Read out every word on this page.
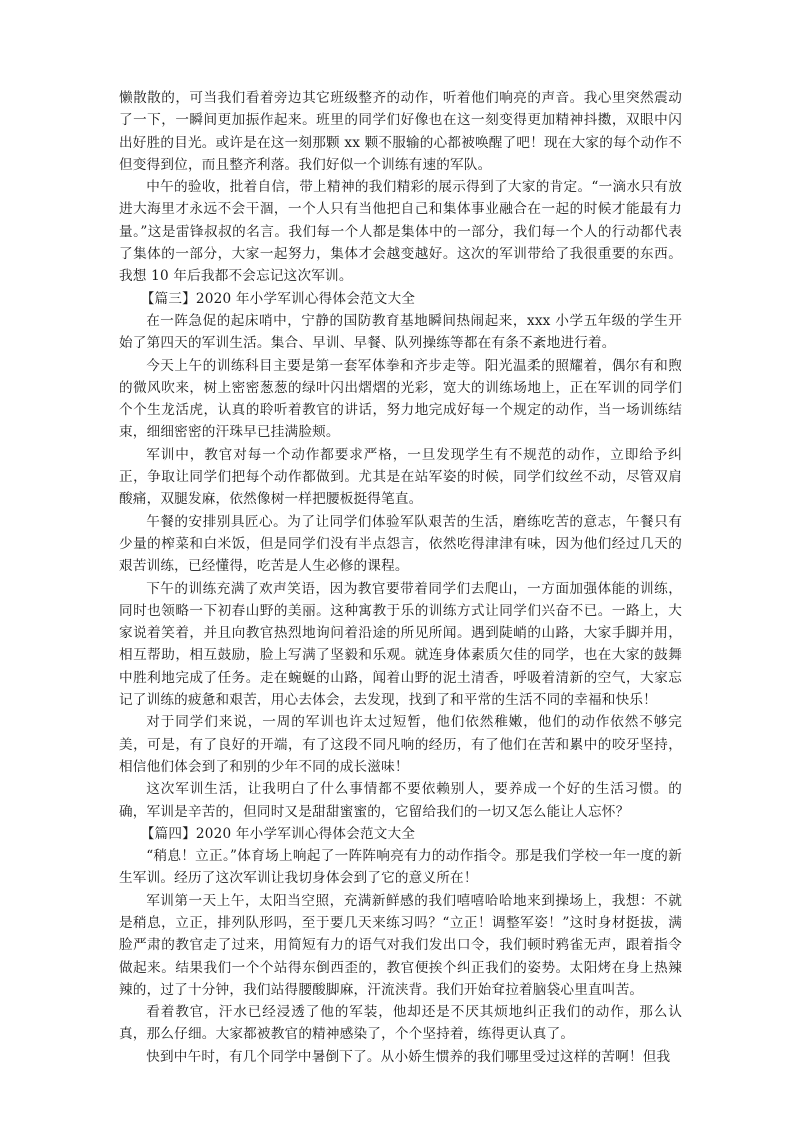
懒散散的，可当我们看着旁边其它班级整齐的动作，听着他们响亮的声音。我心里突然震动了一下，一瞬间更加振作起来。班里的同学们好像也在这一刻变得更加精神抖擞，双眼中闪出好胜的目光。或许是在这一刻那颗 xx 颗不服输的心都被唤醒了吧！现在大家的每个动作不但变得到位，而且整齐利落。我们好似一个训练有速的军队。

中午的验收，批着自信，带上精神的我们精彩的展示得到了大家的肯定。“一滴水只有放进大海里才永远不会干涸，一个人只有当他把自己和集体事业融合在一起的时候才能最有力量。”这是雷锋叔叔的名言。我们每一个人都是集体中的一部分，我们每一个人的行动都代表了集体的一部分，大家一起努力，集体才会越变越好。这次的军训带给了我很重要的东西。我想 10 年后我都不会忘记这次军训。

【篇三】2020 年小学军训心得体会范文大全

在一阵急促的起床哨中，宁静的国防教育基地瞬间热闹起来，xxx 小学五年级的学生开始了第四天的军训生活。集合、早训、早餐、队列操练等都在有条不紊地进行着。

今天上午的训练科目主要是第一套军体拳和齐步走等。阳光温柔的照耀着，偶尔有和煦的微风吹来，树上密密葱葱的绿叶闪出熠熠的光彩，宽大的训练场地上，正在军训的同学们个个生龙活虎，认真的聆听着教官的讲话，努力地完成好每一个规定的动作，当一场训练结束，细细密密的汗珠早已挂满脸颊。

军训中，教官对每一个动作都要求严格，一旦发现学生有不规范的动作，立即给予纠正，争取让同学们把每个动作都做到。尤其是在站军姿的时候，同学们纹丝不动，尽管双肩酸痛，双腿发麻，依然像树一样把腰板挺得笔直。

午餐的安排别具匠心。为了让同学们体验军队艰苦的生活，磨练吃苦的意志，午餐只有少量的榨菜和白米饭，但是同学们没有半点怨言，依然吃得津津有味，因为他们经过几天的艰苦训练，已经懂得，吃苦是人生必修的课程。

下午的训练充满了欢声笑语，因为教官要带着同学们去爬山，一方面加强体能的训练，同时也领略一下初春山野的美丽。这种寓教于乐的训练方式让同学们兴奋不已。一路上，大家说着笑着，并且向教官热烈地询问着沿途的所见所闻。遇到陡峭的山路，大家手脚并用，相互帮助，相互鼓励，脸上写满了坚毅和乐观。就连身体素质欠佳的同学，也在大家的鼓舞中胜利地完成了任务。走在蜿蜒的山路，闻着山野的泥土清香，呼吸着清新的空气，大家忘记了训练的疲惫和艰苦，用心去体会，去发现，找到了和平常的生活不同的幸福和快乐！

对于同学们来说，一周的军训也许太过短暂，他们依然稚嫩，他们的动作依然不够完美，可是，有了良好的开端，有了这段不同凡响的经历，有了他们在苦和累中的咬牙坚持，相信他们体会到了和别的少年不同的成长滋味！

这次军训生活，让我明白了什么事情都不要依赖别人，要养成一个好的生活习惯。的确，军训是辛苦的，但同时又是甜甜蜜蜜的，它留给我们的一切又怎么能让人忘怀？

【篇四】2020 年小学军训心得体会范文大全

“稍息！立正。”体育场上响起了一阵阵响亮有力的动作指令。那是我们学校一年一度的新生军训。经历了这次军训让我切身体会到了它的意义所在！

军训第一天上午，太阳当空照，充满新鲜感的我们嘻嘻哈哈地来到操场上，我想：不就是稍息，立正，排列队形吗，至于要几天来练习吗？“立正！调整军姿！”这时身材挺拔，满脸严肃的教官走了过来，用简短有力的语气对我们发出口令，我们顿时鸦雀无声，跟着指令做起来。结果我们一个个站得东倒西歪的，教官便挨个纠正我们的姿势。太阳烤在身上热辣辣的，过了十分钟，我们站得腰酸脚麻，汗流浃背。我们开始耷拉着脑袋心里直叫苦。

看着教官，汗水已经浸透了他的军装，他却还是不厌其烦地纠正我们的动作，那么认真，那么仔细。大家都被教官的精神感染了，个个坚持着，练得更认真了。

快到中午时，有几个同学中暑倒下了。从小娇生惯养的我们哪里受过这样的苦啊！但我
